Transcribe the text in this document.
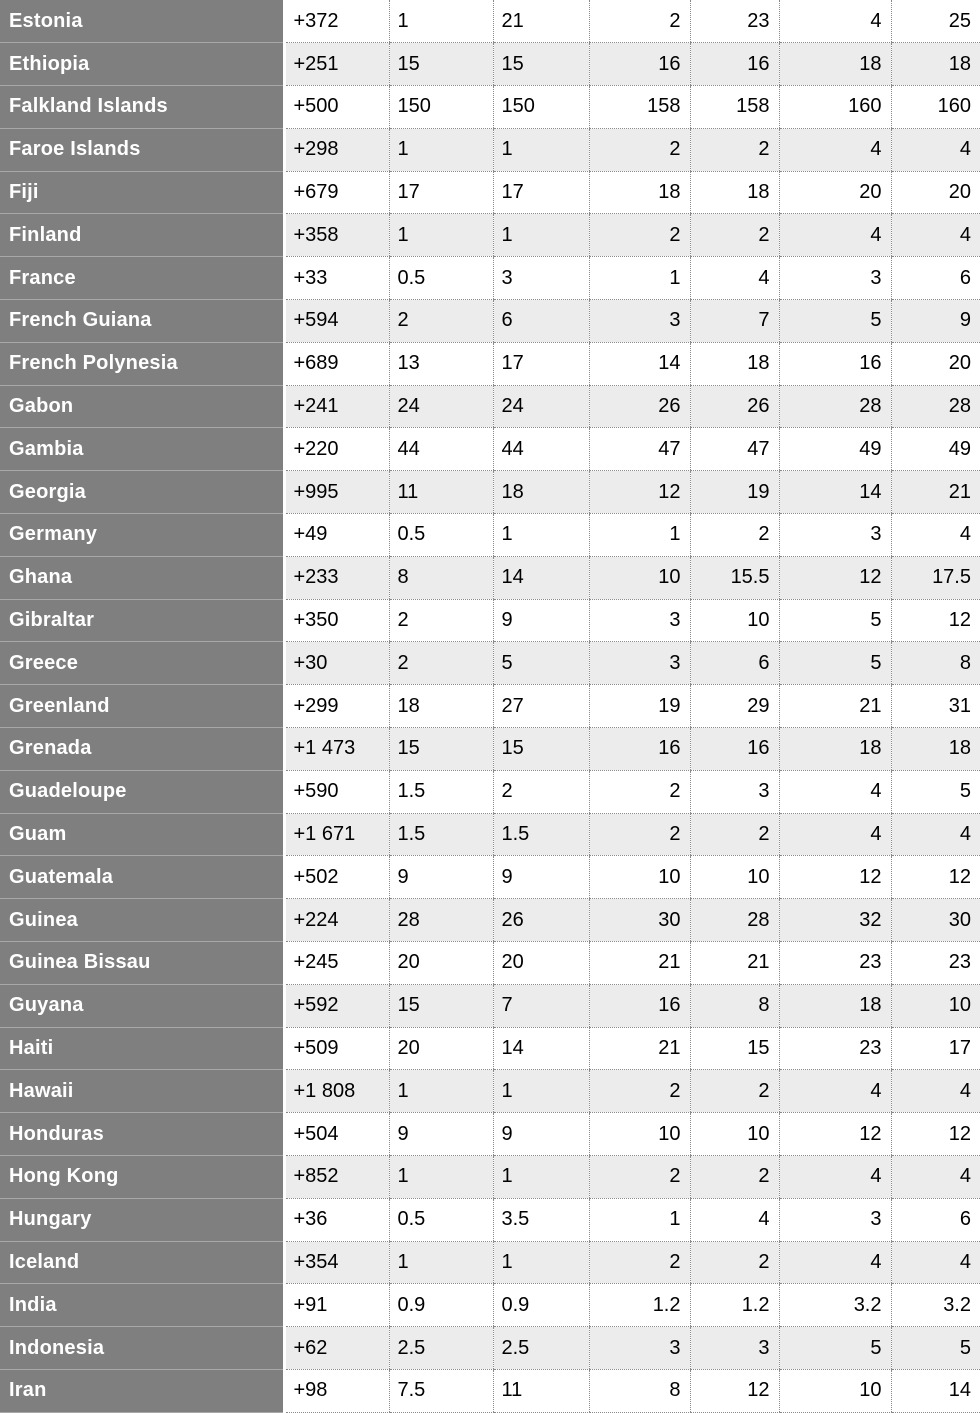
Estonia	+372	1	21	2	23	4	25
Ethiopia	+251	15	15	16	16	18	18
Falkland Islands	+500	150	150	158	158	160	160
Faroe Islands	+298	1	1	2	2	4	4
Fiji	+679	17	17	18	18	20	20
Finland	+358	1	1	2	2	4	4
France	+33	0.5	3	1	4	3	6
French Guiana	+594	2	6	3	7	5	9
French Polynesia	+689	13	17	14	18	16	20
Gabon	+241	24	24	26	26	28	28
Gambia	+220	44	44	47	47	49	49
Georgia	+995	11	18	12	19	14	21
Germany	+49	0.5	1	1	2	3	4
Ghana	+233	8	14	10	15.5	12	17.5
Gibraltar	+350	2	9	3	10	5	12
Greece	+30	2	5	3	6	5	8
Greenland	+299	18	27	19	29	21	31
Grenada	+1 473	15	15	16	16	18	18
Guadeloupe	+590	1.5	2	2	3	4	5
Guam	+1 671	1.5	1.5	2	2	4	4
Guatemala	+502	9	9	10	10	12	12
Guinea	+224	28	26	30	28	32	30
Guinea Bissau	+245	20	20	21	21	23	23
Guyana	+592	15	7	16	8	18	10
Haiti	+509	20	14	21	15	23	17
Hawaii	+1 808	1	1	2	2	4	4
Honduras	+504	9	9	10	10	12	12
Hong Kong	+852	1	1	2	2	4	4
Hungary	+36	0.5	3.5	1	4	3	6
Iceland	+354	1	1	2	2	4	4
India	+91	0.9	0.9	1.2	1.2	3.2	3.2
Indonesia	+62	2.5	2.5	3	3	5	5
Iran	+98	7.5	11	8	12	10	14
